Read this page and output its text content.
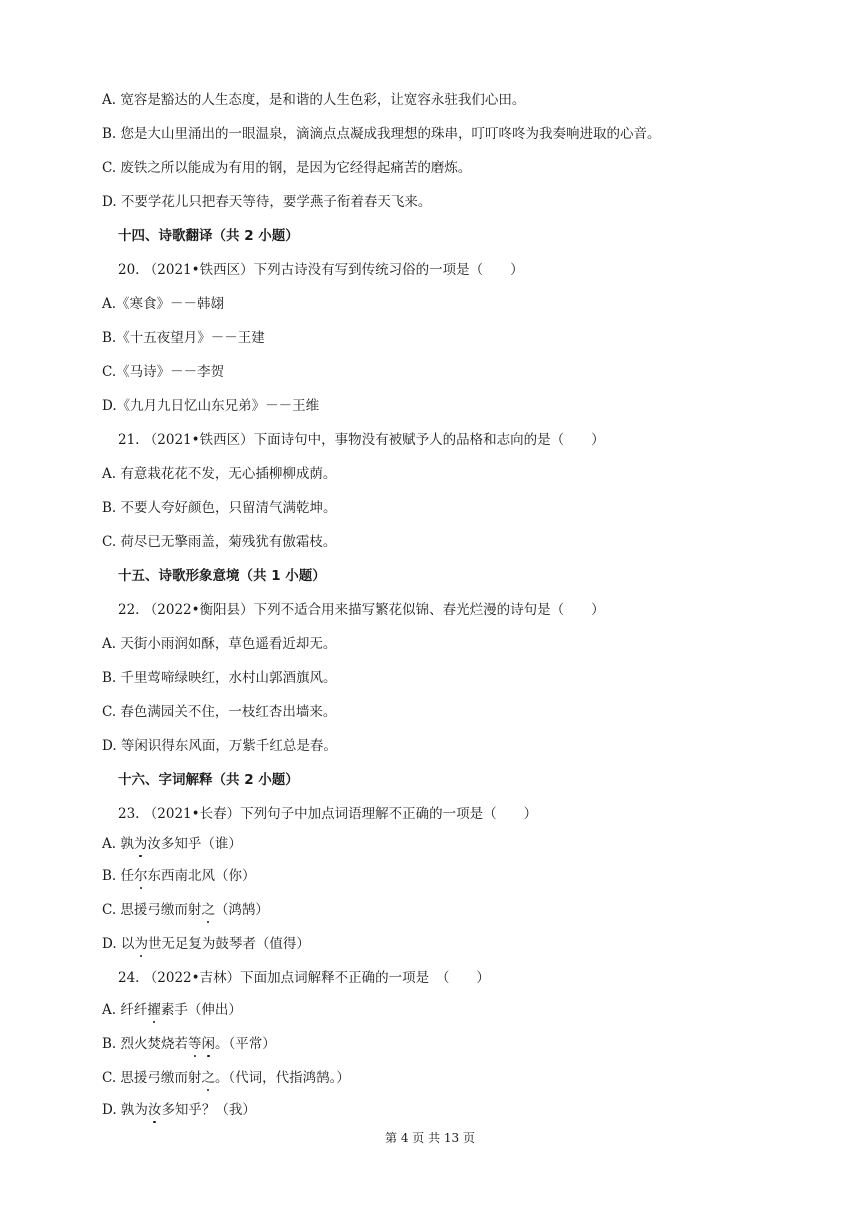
A. 宽容是豁达的人生态度，是和谐的人生色彩，让宽容永驻我们心田。
B. 您是大山里涌出的一眼温泉，滴滴点点凝成我理想的珠串，叮叮咚咚为我奏响进取的心音。
C. 废铁之所以能成为有用的钢，是因为它经得起痛苦的磨炼。
D. 不要学花儿只把春天等待，要学燕子衔着春天飞来。
十四、诗歌翻译（共 2 小题）
20. （2021•铁西区）下列古诗没有写到传统习俗的一项是（　　）
A.《寒食》－－韩翃
B.《十五夜望月》－－王建
C.《马诗》－－李贺
D.《九月九日忆山东兄弟》－－王维
21. （2021•铁西区）下面诗句中，事物没有被赋予人的品格和志向的是（　　）
A. 有意栽花花不发，无心插柳柳成荫。
B. 不要人夸好颜色，只留清气满乾坤。
C. 荷尽已无擎雨盖，菊残犹有傲霜枝。
十五、诗歌形象意境（共 1 小题）
22. （2022•衡阳县）下列不适合用来描写繁花似锦、春光烂漫的诗句是（　　）
A. 天街小雨润如酥，草色遥看近却无。
B. 千里莺啼绿映红，水村山郭酒旗风。
C. 春色满园关不住，一枝红杏出墙来。
D. 等闲识得东风面，万紫千红总是春。
十六、字词解释（共 2 小题）
23. （2021•长春）下列句子中加点词语理解不正确的一项是（　　）
A. 孰为汝多知乎（谁）
B. 任尔东西南北风（你）
C. 思援弓缴而射之（鸿鹄）
D. 以为世无足复为鼓琴者（值得）
24. （2022•吉林）下面加点词解释不正确的一项是　（　　）
A. 纤纤擢素手（伸出）
B. 烈火焚烧若等闲。（平常）
C. 思援弓缴而射之。（代词，代指鸿鹄。）
D. 孰为汝多知乎？（我）
第 4 页 共 13 页
